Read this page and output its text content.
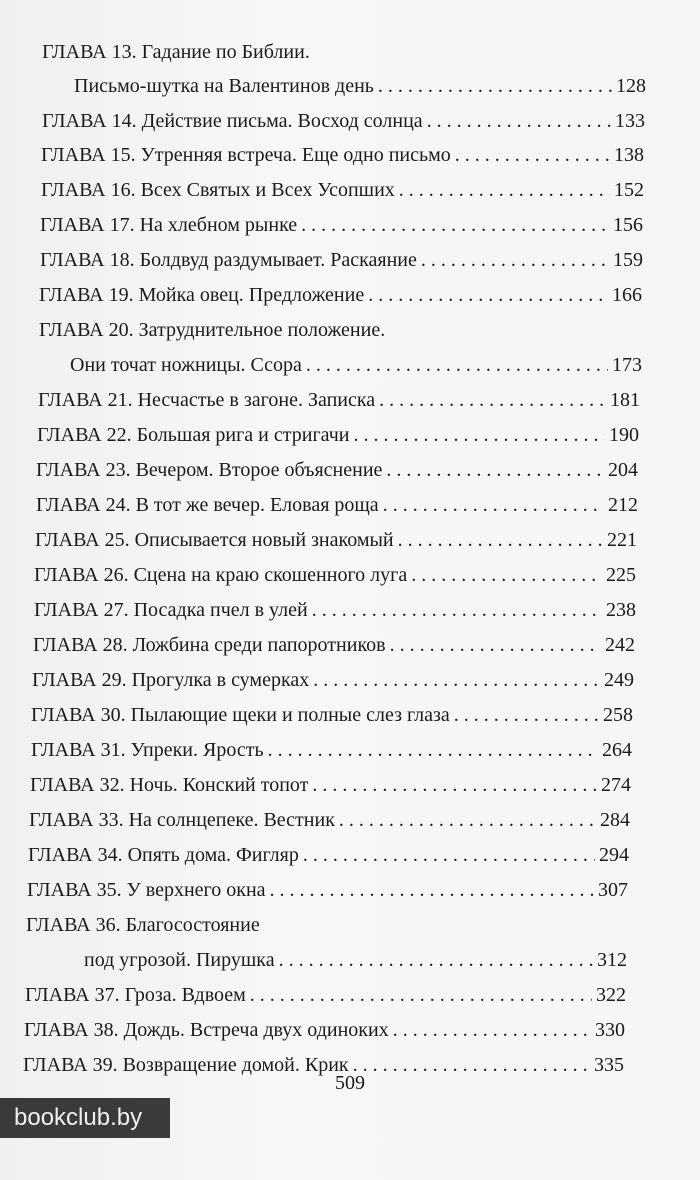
ГЛАВА 13. Гадание по Библии.
Письмо-шутка на Валентинов день . . .	128
ГЛАВА 14. Действие письма. Восход солнца . . .	133
ГЛАВА 15. Утренняя встреча. Еще одно письмо . . .	138
ГЛАВА 16. Всех Святых и Всех Усопших . . .	152
ГЛАВА 17. На хлебном рынке . . .	156
ГЛАВА 18. Болдвуд раздумывает. Раскаяние . . .	159
ГЛАВА 19. Мойка овец. Предложение . . .	166
ГЛАВА 20. Затруднительное положение.
Они точат ножницы. Ссора . . .	173
ГЛАВА 21. Несчастье в загоне. Записка . . .	181
ГЛАВА 22. Большая рига и стригачи . . .	190
ГЛАВА 23. Вечером. Второе объяснение . . .	204
ГЛАВА 24. В тот же вечер. Еловая роща . . .	212
ГЛАВА 25. Описывается новый знакомый . . .	221
ГЛАВА 26. Сцена на краю скошенного луга . . .	225
ГЛАВА 27. Посадка пчел в улей . . .	238
ГЛАВА 28. Ложбина среди папоротников . . .	242
ГЛАВА 29. Прогулка в сумерках . . .	249
ГЛАВА 30. Пылающие щеки и полные слез глаза . . .	258
ГЛАВА 31. Упреки. Ярость . . .	264
ГЛАВА 32. Ночь. Конский топот . . .	274
ГЛАВА 33. На солнцепеке. Вестник . . .	284
ГЛАВА 34. Опять дома. Фигляр . . .	294
ГЛАВА 35. У верхнего окна . . .	307
ГЛАВА 36. Благосостояние
под угрозой. Пирушка . . .	312
ГЛАВА 37. Гроза. Вдвоем . . .	322
ГЛАВА 38. Дождь. Встреча двух одиноких . . .	330
ГЛАВА 39. Возвращение домой. Крик . . .	335
509
bookclub.by
